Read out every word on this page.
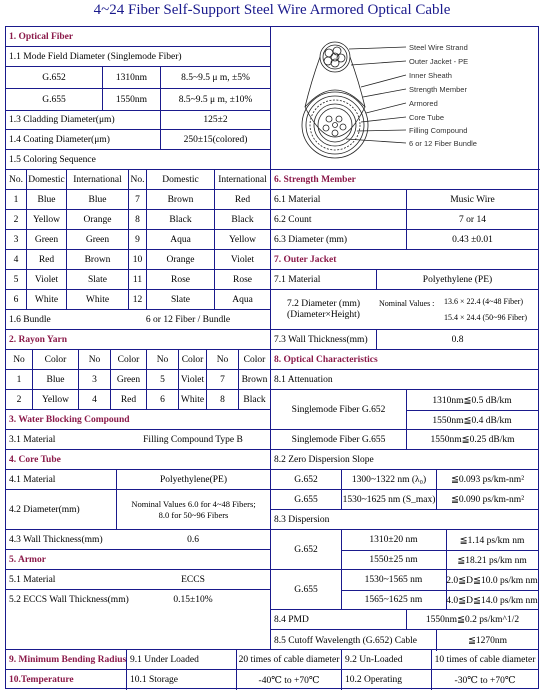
4~24 Fiber Self-Support Steel Wire Armored Optical Cable
1. Optical Fiber
1.1 Mode Field Diameter (Singlemode Fiber)
G.652	1310nm	8.5~9.5 μ m, ±5%
G.655	1550nm	8.5~9.5 μ m, ±10%
1.3 Cladding Diameter(μm)	125±2
1.4 Coating Diameter(μm)	250±15(colored)
1.5 Coloring Sequence
No. Domestic International No.	Domestic	International
1	Blue	Blue	7	Brown	Red
2	Yellow	Orange	8	Black	Black
3	Green	Green	9	Aqua	Yellow
4	Red	Brown	10	Orange	Violet
5	Violet	Slate	11	Rose	Rose
6	White	White	12	Slate	Aqua
1.6 Bundle	6 or 12 Fiber / Bundle
2. Rayon Yarn
No	Color	No	Color	No	Color	No	Color
1	Blue	3	Green	5	Violet	7	Brown
2	Yellow	4	Red	6	White	8	Black
3. Water Blocking Compound
3.1 Material	Filling Compound Type B
4. Core Tube
4.1 Material	Polyethylene(PE)
4.2 Diameter(mm)
Nominal Values 6.0 for 4~48 Fibers;
8.0 for 50~96 Fibers
4.3 Wall Thickness(mm)	0.6
5. Armor
5.1 Material	ECCS
5.2 ECCS Wall Thickness(mm)	0.15±10%
Steel Wire Strand
Outer Jacket - PE
Inner Sheath
Strength Member
Armored
Core Tube
Filling Compound
6 or 12 Fiber Bundle
6. Strength Member
6.1 Material	Music Wire
6.2 Count	7 or 14
6.3 Diameter (mm)	0.43 ±0.01
7. Outer Jacket
7.1 Material	Polyethylene (PE)
7.2 Diameter (mm)
(Diameter×Height)
Nominal Values :	13.6 × 22.4 (4~48 Fiber)
15.4 × 24.4 (50~96 Fiber)
7.3 Wall Thickness(mm)	0.8
8. Optical Characteristics
8.1 Attenuation
Singlemode Fiber G.652
1310nm≦0.5 dB/km
1550nm≦0.4 dB/km
Singlemode Fiber G.655	1550nm≦0.25 dB/km
8.2 Zero Dispersion Slope
G.652	1300~1322 nm (λ₀)	≦0.093 ps/km-nm²
G.655	1530~1625 nm (S_max)	≦0.090 ps/km-nm²
8.3 Dispersion
G.652
1310±20 nm	≦1.14 ps/km nm
1550±25 nm	≦18.21 ps/km nm
G.655
1530~1565 nm	2.0≦D≦10.0 ps/km nm
1565~1625 nm	4.0≦D≦14.0 ps/km nm
8.4 PMD	1550nm≦0.2 ps/km^1/2
8.5 Cutoff Wavelength (G.652) Cable	≦1270nm
9. Minimum Bending Radius 9.1 Under Loaded	20 times of cable diameter 9.2 Un-Loaded	10 times of cable diameter
10.Temperature	10.1 Storage	-40℃ to +70℃	10.2 Operating	-30℃ to +70℃
